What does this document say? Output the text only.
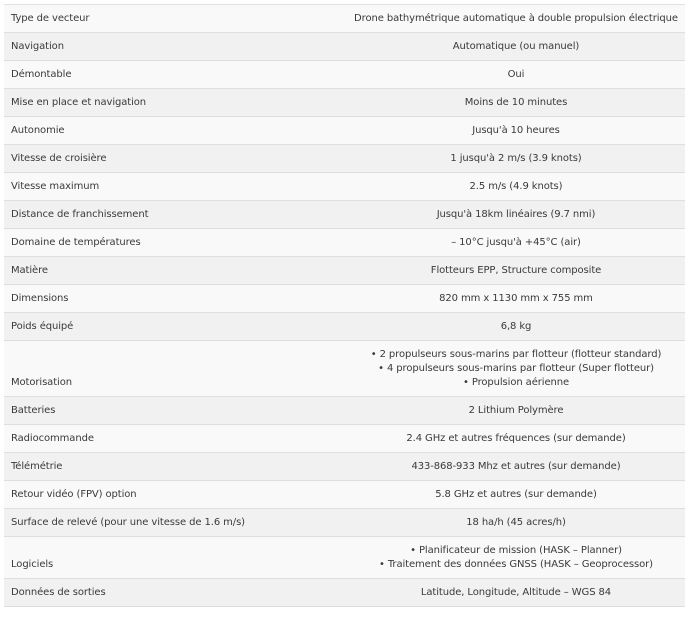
Type de vecteur	Drone bathymétrique automatique à double propulsion électrique
Navigation	Automatique (ou manuel)
Démontable	Oui
Mise en place et navigation	Moins de 10 minutes
Autonomie	Jusqu'à 10 heures
Vitesse de croisière	1 jusqu'à 2 m/s (3.9 knots)
Vitesse maximum	2.5 m/s (4.9 knots)
Distance de franchissement	Jusqu'à 18km linéaires (9.7 nmi)
Domaine de températures	– 10°C jusqu'à +45°C (air)
Matière	Flotteurs EPP, Structure composite
Dimensions	820 mm x 1130 mm x 755 mm
Poids équipé	6,8 kg
Motorisation	• 2 propulseurs sous-marins par flotteur (flotteur standard)
• 4 propulseurs sous-marins par flotteur (Super flotteur)
• Propulsion aérienne

Batteries	2 Lithium Polymère
Radiocommande	2.4 GHz et autres fréquences (sur demande)
Télémétrie	433-868-933 Mhz et autres (sur demande)
Retour vidéo (FPV) option	5.8 GHz et autres (sur demande)
Surface de relevé (pour une vitesse de 1.6 m/s)	18 ha/h (45 acres/h)
Logiciels	• Planificateur de mission (HASK – Planner)
• Traitement des données GNSS (HASK – Geoprocessor)

Données de sorties	Latitude, Longitude, Altitude – WGS 84
